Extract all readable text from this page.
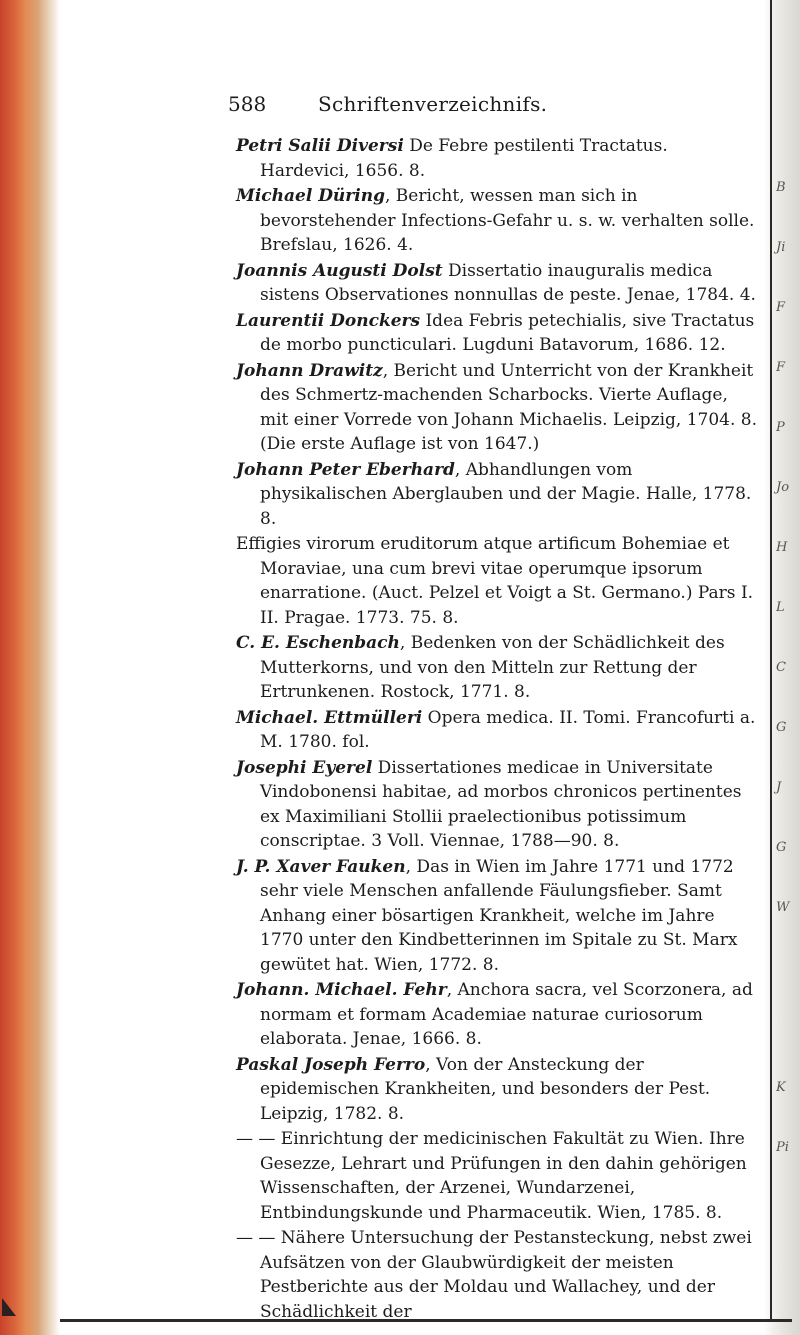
B
Ji
F
F
P
Jo
H
L
C
G
J
G
W
K
Pi
588	Schriftenverzeichnifs.

Petri Salii Diversi De Febre pestilenti Tractatus. Hardevici, 1656. 8.

Michael Düring, Bericht, wessen man sich in bevorstehender Infections-Gefahr u. s. w. verhalten solle. Brefslau, 1626. 4.

Joannis Augusti Dolst Dissertatio inauguralis medica sistens Observationes nonnullas de peste. Jenae, 1784. 4.

Laurentii Donckers Idea Febris petechialis, sive Tractatus de morbo puncticulari. Lugduni Batavorum, 1686. 12.

Johann Drawitz, Bericht und Unterricht von der Krankheit des Schmertz-machenden Scharbocks. Vierte Auflage, mit einer Vorrede von Johann Michaelis. Leipzig, 1704. 8. (Die erste Auflage ist von 1647.)

Johann Peter Eberhard, Abhandlungen vom physikalischen Aberglauben und der Magie. Halle, 1778. 8.

Effigies virorum eruditorum atque artificum Bohemiae et Moraviae, una cum brevi vitae operumque ipsorum enarratione. (Auct. Pelzel et Voigt a St. Germano.) Pars I. II. Pragae. 1773. 75. 8.

C. E. Eschenbach, Bedenken von der Schädlichkeit des Mutterkorns, und von den Mitteln zur Rettung der Ertrunkenen. Rostock, 1771. 8.

Michael. Ettmülleri Opera medica. II. Tomi. Francofurti a. M. 1780. fol.

Josephi Eyerel Dissertationes medicae in Universitate Vindobonensi habitae, ad morbos chronicos pertinentes ex Maximiliani Stollii praelectionibus potissimum conscriptae. 3 Voll. Viennae, 1788—90. 8.

J. P. Xaver Fauken, Das in Wien im Jahre 1771 und 1772 sehr viele Menschen anfallende Fäulungsfieber. Samt Anhang einer bösartigen Krankheit, welche im Jahre 1770 unter den Kindbetterinnen im Spitale zu St. Marx gewütet hat. Wien, 1772. 8.

Johann. Michael. Fehr, Anchora sacra, vel Scorzonera, ad normam et formam Academiae naturae curiosorum elaborata. Jenae, 1666. 8.

Paskal Joseph Ferro, Von der Ansteckung der epidemischen Krankheiten, und besonders der Pest. Leipzig, 1782. 8.

— — Einrichtung der medicinischen Fakultät zu Wien. Ihre Gesezze, Lehrart und Prüfungen in den dahin gehörigen Wissenschaften, der Arzenei, Wundarzenei, Entbindungskunde und Pharmaceutik. Wien, 1785. 8.

— — Nähere Untersuchung der Pestansteckung, nebst zwei Aufsätzen von der Glaubwürdigkeit der meisten Pestberichte aus der Moldau und Wallachey, und der Schädlichkeit der
